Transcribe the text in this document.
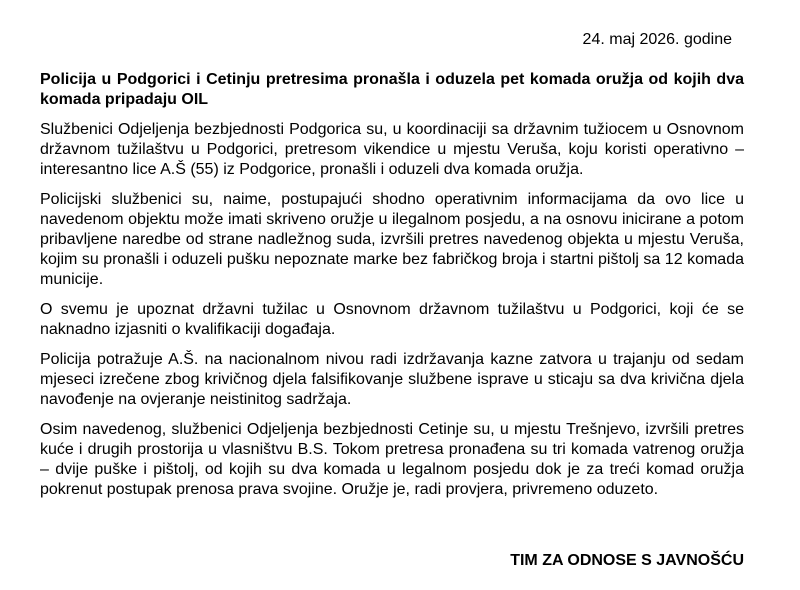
24. maj 2026. godine
Policija u Podgorici i Cetinju pretresima pronašla i oduzela pet komada oružja od kojih dva komada pripadaju OIL

Službenici Odjeljenja bezbjednosti Podgorica su, u koordinaciji sa državnim tužiocem u Osnovnom državnom tužilaštvu u Podgorici, pretresom vikendice u mjestu Veruša, koju koristi operativno – interesantno lice A.Š (55) iz Podgorice, pronašli i oduzeli dva komada oružja.

Policijski službenici su, naime, postupajući shodno operativnim informacijama da ovo lice u navedenom objektu može imati skriveno oružje u ilegalnom posjedu, a na osnovu inicirane a potom pribavljene naredbe od strane nadležnog suda, izvršili pretres navedenog objekta u mjestu Veruša, kojim su pronašli i oduzeli pušku nepoznate marke bez fabričkog broja i startni pištolj sa 12 komada municije.

O svemu je upoznat državni tužilac u Osnovnom državnom tužilaštvu u Podgorici, koji će se naknadno izjasniti o kvalifikaciji događaja.

Policija potražuje A.Š. na nacionalnom nivou radi izdržavanja kazne zatvora u trajanju od sedam mjeseci izrečene zbog krivičnog djela falsifikovanje službene isprave u sticaju sa dva krivična djela navođenje na ovjeranje neistinitog sadržaja.

Osim navedenog, službenici Odjeljenja bezbjednosti Cetinje su, u mjestu Trešnjevo, izvršili pretres kuće i drugih prostorija u vlasništvu B.S. Tokom pretresa pronađena su tri komada vatrenog oružja – dvije puške i pištolj, od kojih su dva komada u legalnom posjedu dok je za treći komad oružja pokrenut postupak prenosa prava svojine. Oružje je, radi provjera, privremeno oduzeto.

TIM ZA ODNOSE S JAVNOŠĆU
